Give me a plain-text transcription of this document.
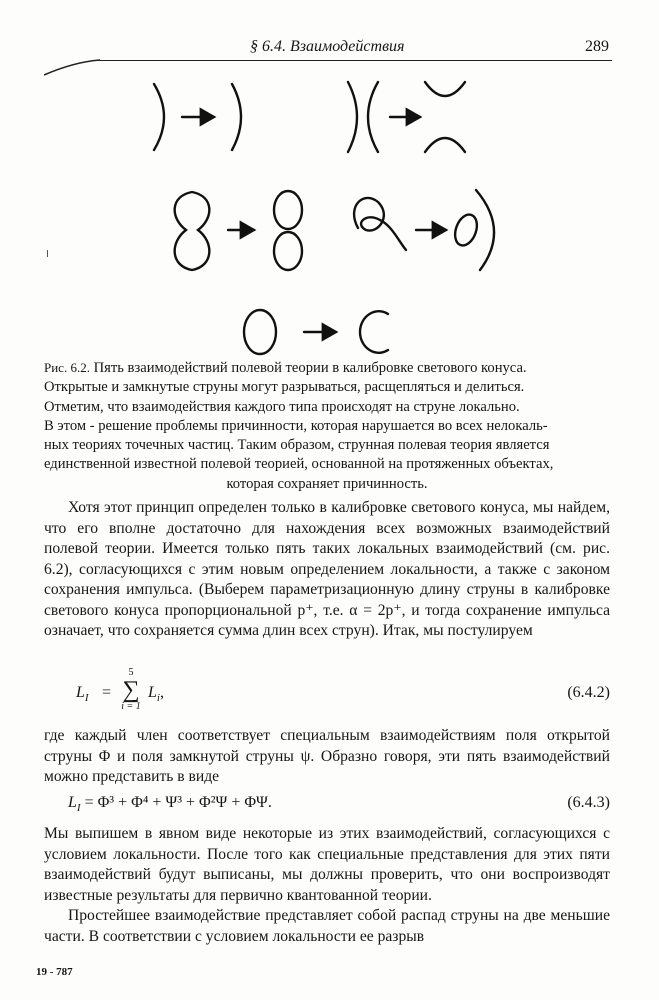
§ 6.4. Взаимодействия	289
Рис. 6.2. Пять взаимодействий полевой теории в калибровке светового конуса.
Открытые и замкнутые струны могут разрываться, расщепляться и делиться.
Отметим, что взаимодействия каждого типа происходят на струне локально.
В этом - решение проблемы причинности, которая нарушается во всех нелокаль-
ных теориях точечных частиц. Таким образом, струнная полевая теория является
единственной известной полевой теорией, основанной на протяженных объектах,
которая сохраняет причинность.
Хотя этот принцип определен только в калибровке светового конуса, мы найдем, что его вполне достаточно для нахождения всех возможных взаимодействий полевой теории. Имеется только пять таких локальных взаимодействий (см. рис. 6.2), согласующихся с этим новым определением локальности, а также с законом сохранения импульса. (Выберем параметризационную длину струны в калибровке светового конуса пропорциональной p⁺, т.е. α = 2p⁺, и тогда сохранение импульса означает, что сохраняется сумма длин всех струн). Итак, мы постулируем
$L_I$ =
5
∑
i = 1
$L_i$,	(6.4.2)
где каждый член соответствует специальным взаимодействиям поля открытой струны Φ и поля замкнутой струны ψ. Образно говоря, эти пять взаимодействий можно представить в виде
$L_I = \Phi^3 + \Phi^4 + \Psi^3 + \Phi^2\Psi + \Phi\Psi$.	(6.4.3)
Мы выпишем в явном виде некоторые из этих взаимодействий, согласующихся с условием локальности. После того как специальные представления для этих пяти взаимодействий будут выписаны, мы должны проверить, что они воспроизводят известные результаты для первично квантованной теории.
Простейшее взаимодействие представляет собой распад струны на две меньшие части. В соответствии с условием локальности ее разрыв
19 - 787
